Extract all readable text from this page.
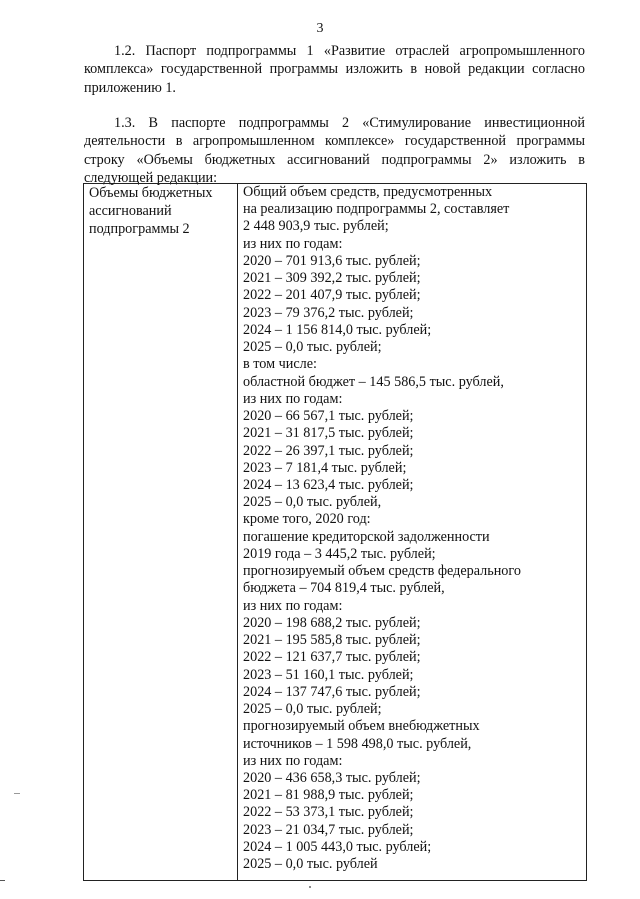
3

1.2. Паспорт подпрограммы 1 «Развитие отраслей агропромышленного комплекса» государственной программы изложить в новой редакции согласно приложению 1.

1.3. В паспорте подпрограммы 2 «Стимулирование инвестиционной деятельности в агропромышленном комплексе» государственной программы строку «Объемы бюджетных ассигнований подпрограммы 2» изложить в следующей редакции:

Объемы бюджетных
ассигнований
подпрограммы 2
Общий объем средств, предусмотренных
на реализацию подпрограммы 2, составляет
2 448 903,9 тыс. рублей;
из них по годам:
2020 – 701 913,6 тыс. рублей;
2021 – 309 392,2 тыс. рублей;
2022 – 201 407,9 тыс. рублей;
2023 – 79 376,2 тыс. рублей;
2024 – 1 156 814,0 тыс. рублей;
2025 – 0,0 тыс. рублей;
в том числе:
областной бюджет – 145 586,5 тыс. рублей,
из них по годам:
2020 – 66 567,1 тыс. рублей;
2021 – 31 817,5 тыс. рублей;
2022 – 26 397,1 тыс. рублей;
2023 – 7 181,4 тыс. рублей;
2024 – 13 623,4 тыс. рублей;
2025 – 0,0 тыс. рублей,
кроме того, 2020 год:
погашение кредиторской задолженности
2019 года – 3 445,2 тыс. рублей;
прогнозируемый объем средств федерального
бюджета – 704 819,4 тыс. рублей,
из них по годам:
2020 – 198 688,2 тыс. рублей;
2021 – 195 585,8 тыс. рублей;
2022 – 121 637,7 тыс. рублей;
2023 – 51 160,1 тыс. рублей;
2024 – 137 747,6 тыс. рублей;
2025 – 0,0 тыс. рублей;
прогнозируемый объем внебюджетных
источников – 1 598 498,0 тыс. рублей,
из них по годам:
2020 – 436 658,3 тыс. рублей;
2021 – 81 988,9 тыс. рублей;
2022 – 53 373,1 тыс. рублей;
2023 – 21 034,7 тыс. рублей;
2024 – 1 005 443,0 тыс. рублей;
2025 – 0,0 тыс. рублей
